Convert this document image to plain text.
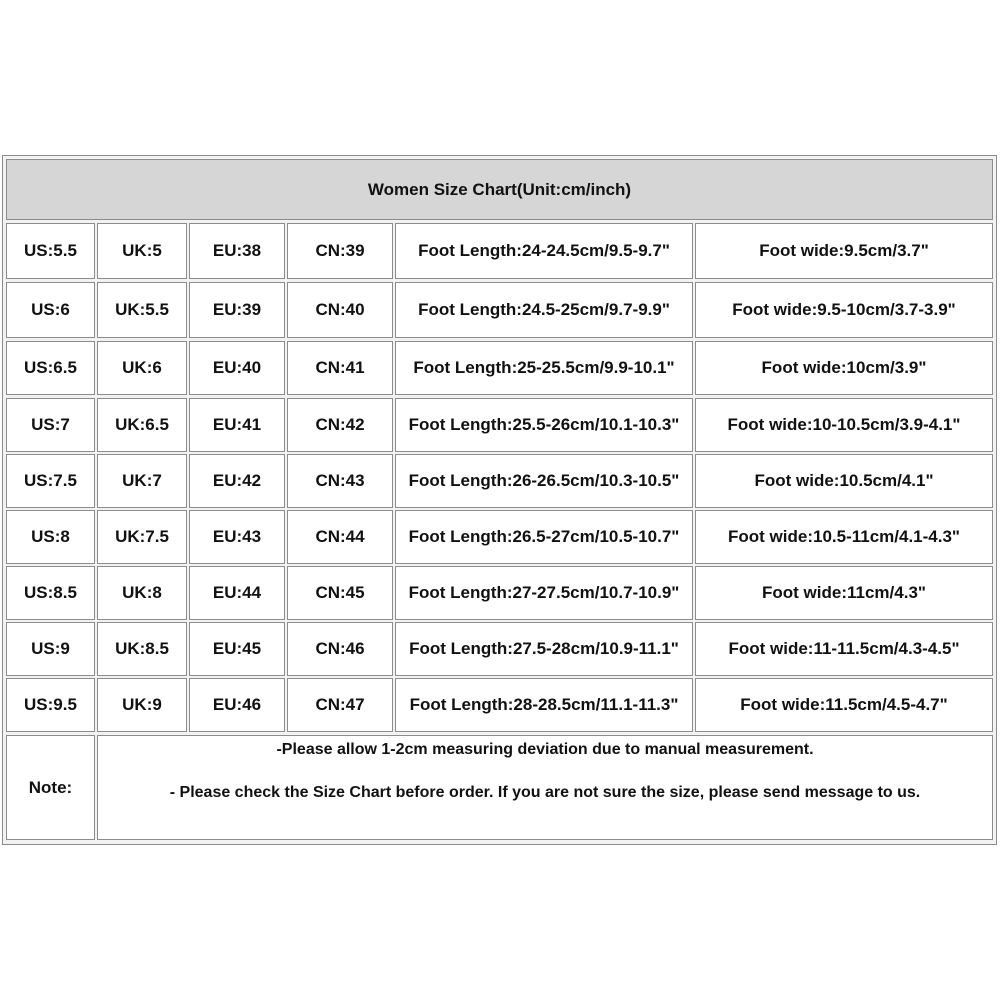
Women Size Chart(Unit:cm/inch)
US:5.5	UK:5	EU:38	CN:39	Foot Length:24-24.5cm/9.5-9.7"	Foot wide:9.5cm/3.7"
US:6	UK:5.5	EU:39	CN:40	Foot Length:24.5-25cm/9.7-9.9"	Foot wide:9.5-10cm/3.7-3.9"
US:6.5	UK:6	EU:40	CN:41	Foot Length:25-25.5cm/9.9-10.1"	Foot wide:10cm/3.9"
US:7	UK:6.5	EU:41	CN:42	Foot Length:25.5-26cm/10.1-10.3"	Foot wide:10-10.5cm/3.9-4.1"
US:7.5	UK:7	EU:42	CN:43	Foot Length:26-26.5cm/10.3-10.5"	Foot wide:10.5cm/4.1"
US:8	UK:7.5	EU:43	CN:44	Foot Length:26.5-27cm/10.5-10.7"	Foot wide:10.5-11cm/4.1-4.3"
US:8.5	UK:8	EU:44	CN:45	Foot Length:27-27.5cm/10.7-10.9"	Foot wide:11cm/4.3"
US:9	UK:8.5	EU:45	CN:46	Foot Length:27.5-28cm/10.9-11.1"	Foot wide:11-11.5cm/4.3-4.5"
US:9.5	UK:9	EU:46	CN:47	Foot Length:28-28.5cm/11.1-11.3"	Foot wide:11.5cm/4.5-4.7"
Note:
-Please allow 1-2cm measuring deviation due to manual measurement.
- Please check the Size Chart before order. If you are not sure the size, please send message to us.
